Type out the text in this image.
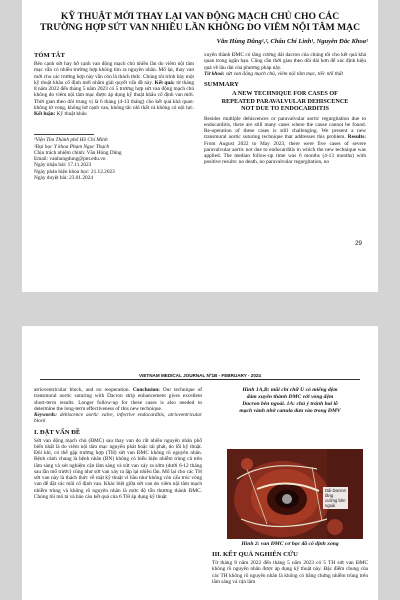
KỸ THUẬT MỚI THAY LẠI VAN ĐỘNG MẠCH CHỦ CHO CÁC
TRƯỜNG HỢP SỨT VAN NHIỀU LẦN KHÔNG DO VIÊM NỘI TÂM MẠC
Văn Hùng Dũng¹,², Châu Chí Linh¹, Nguyễn Đắc Khoa¹
TÓM TẮT

Bên cạnh sứt hay hở cạnh van động mạch chủ nhiều lần do viêm nội tâm mạc vẫn có nhiều trường hợp không tìm ra nguyên nhân. Mổ lại, thay van mới cho các trường hợp này vẫn còn là thách thức. Chúng tôi trình bày một kỹ thuật khâu cố định mới nhằm giải quyết vấn đề này. Kết quả: từ tháng 8 năm 2022 đến tháng 5 năm 2023 có 5 trường hợp sứt van động mạch chủ không do viêm nội tâm mạc được áp dụng kỹ thuật khâu cố định van mới. Thời gian theo dõi trung vị là 6 tháng (4-13 tháng) cho kết quả khả quan: không tử vong, không hở cạnh van, không tắc nhĩ thất và không có nội lực. Kết luận: Kỹ thuật khâu

¹Viện Tim Thành phố Hồ Chí Minh
²Đại học Y khoa Phạm Ngọc Thạch
Chịu trách nhiệm chính: Văn Hùng Dũng
Email: vanhungdung@pnt.edu.vn
Ngày nhận bài: 17.11.2023
Ngày phản biện khoa học: 21.12.2023
Ngày duyệt bài: 23.01.2024

xuyên thành ĐMC có tăng cường dải dacron của chúng tôi cho kết quả khả quan trong ngắn hạn. Cũng cần thời gian theo dõi dài hơn để xác định hiệu quả về lâu dài của phương pháp này.

Từ khoá: sứt van động mạch chủ, viêm nội tâm mạc, tiếc nhĩ thất

SUMMARY
A NEW TECHNIQUE FOR CASES OF
REPEATED PARAVALVULAR DEHISCENCE
NOT DUE TO ENDOCARDITIS

Besides multiple dehiscences or paravalvular aortic regurgitation due to endocarditis, there are still many cases where the cause cannot be found. Re-operation of these cases is still challenging. We present a new transmural aortic suturing technique that addresses this problem. Results: From August 2022 to May 2023, there were five cases of severe paravalvular aortic not due to endocarditis in which the new technique was applied. The median follow-up time was 6 months (4-13 months) with positive results: no death, no paravalvular regurgitation, no

29
VIETNAM MEDICAL JOURNAL Nº1B - FEBRUARY - 2024

atrioventricular block, and no reoperation. Conclusion: Our technique of transmural aortic suturing with Dacron strip enhancement gives excellent short-term results. Longer follow-up for these cases is also needed to determine the long-term effectiveness of this new technique.

Keywords: dehiscence aortic valve, infective endocarditis, atrioventricular block

I. ĐẶT VẤN ĐỀ

Sứt van động mạch chủ (ĐMC) sau thay van do rất nhiều nguyên nhân phổ biến nhất là do viêm nội tâm mạc nguyên phát hoặc tái phát, do lỗi kỹ thuật. Đôi khi, có thể gặp trường hợp (TH) sứt van ĐMC không rõ nguyên nhân. Bệnh cảnh chung là bệnh nhân (BN) không có biểu hiện nhiễm trùng cả trên lâm sàng và xét nghiệm cận lâm sàng và sứt van xảy ra sớm (dưới 6-12 tháng sau lần mổ trước) cũng như sứt van xảy ra lặp lại nhiều lần. Mổ lại cho các TH sứt van này là thách thức về mặt kỹ thuật vì hầu như không còn cấu trúc vòng van để đặt các mũi cố định van. Khác biệt giữa sứt van do viêm nội tâm mạch nhiễm trùng và không rõ nguyên nhân là mức độ tổn thương thành ĐMC. Chúng tôi mô tả và báo cáo kết quả của 6 TH áp dụng kỹ thuật

Hình 1A,B: mũi chỉ chữ U có miếng đệm
đâm xuyên thành ĐMC với vòng đệm
Dacron bên ngoài. 1A: chú ý tránh hai lỗ
mạch vành nhờ canula đưa vào trong ĐMV
Dải Dacron
tăng
cường bên
ngoài
Hình 2: van ĐMC cơ học đã cố định xong
III. KẾT QUẢ NGHIÊN CỨU

Từ tháng 8 năm 2022 đến tháng 5 năm 2023 có 5 TH sứt van ĐMC không rõ nguyên nhân được áp dụng kỹ thuật này. Đặc điểm chung của các TH không rõ nguyên nhân là không có bằng chứng nhiễm trùng trên lâm sàng và cận lâm
